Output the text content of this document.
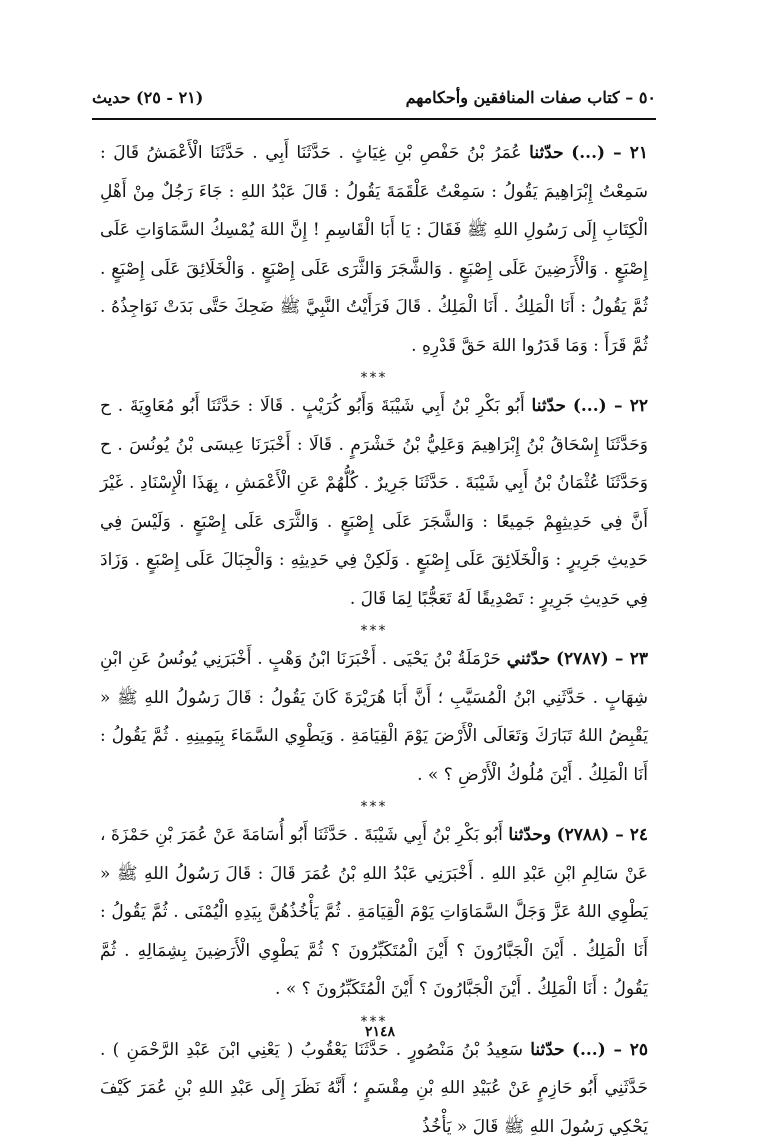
٥٠ – كتاب صفات المنافقين وأحكامهم
(٢١ - ٢٥) حديث

٢١ – (...) حدّثنا عُمَرُ بْنُ حَفْصِ بْنِ غِيَاثٍ . حَدَّثَنَا أَبِي . حَدَّثَنَا الْأَعْمَشُ قَالَ : سَمِعْتُ إِبْرَاهِيمَ يَقُولُ : سَمِعْتُ عَلْقَمَةَ يَقُولُ : قَالَ عَبْدُ اللهِ : جَاءَ رَجُلٌ مِنْ أَهْلِ الْكِتَابِ إِلَى رَسُولِ اللهِ ﷺ فَقَالَ : يَا أَبَا الْقَاسِمِ ! إِنَّ اللهَ يُمْسِكُ السَّمَاوَاتِ عَلَى إِصْبَعٍ . وَالْأَرَضِينَ عَلَى إِصْبَعٍ . وَالشَّجَرَ وَالثَّرَى عَلَى إِصْبَعٍ . وَالْخَلَائِقَ عَلَى إِصْبَعٍ . ثُمَّ يَقُولُ : أَنَا الْمَلِكُ . أَنَا الْمَلِكُ . قَالَ فَرَأَيْتُ النَّبِيَّ ﷺ ضَحِكَ حَتَّى بَدَتْ نَوَاجِذُهُ . ثُمَّ قَرَأَ : وَمَا قَدَرُوا اللهَ حَقَّ قَدْرِهِ .

***

٢٢ – (...) حدّثنا أَبُو بَكْرِ بْنُ أَبِي شَيْبَةَ وَأَبُو كُرَيْبٍ . قَالَا : حَدَّثَنَا أَبُو مُعَاوِيَةَ . ح وَحَدَّثَنَا إِسْحَاقُ بْنُ إِبْرَاهِيمَ وَعَلِيُّ بْنُ خَشْرَمٍ . قَالَا : أَخْبَرَنَا عِيسَى بْنُ يُونُسَ . ح وَحَدَّثَنَا عُثْمَانُ بْنُ أَبِي شَيْبَةَ . حَدَّثَنَا جَرِيرٌ . كُلُّهُمْ عَنِ الْأَعْمَشِ ، بِهَذَا الْإِسْنَادِ . غَيْرَ أَنَّ فِي حَدِيثِهِمْ جَمِيعًا : وَالشَّجَرَ عَلَى إِصْبَعٍ . وَالثَّرَى عَلَى إِصْبَعٍ . وَلَيْسَ فِي حَدِيثِ جَرِيرٍ : وَالْخَلَائِقَ عَلَى إِصْبَعٍ . وَلَكِنْ فِي حَدِيثِهِ : وَالْجِبَالَ عَلَى إِصْبَعٍ . وَزَادَ فِي حَدِيثِ جَرِيرٍ : تَصْدِيقًا لَهُ تَعَجُّبًا لِمَا قَالَ .

***

٢٣ – (٢٧٨٧) حدّثني حَرْمَلَةُ بْنُ يَحْيَى . أَخْبَرَنَا ابْنُ وَهْبٍ . أَخْبَرَنِي يُونُسُ عَنِ ابْنِ شِهَابٍ . حَدَّثَنِي ابْنُ الْمُسَيَّبِ ؛ أَنَّ أَبَا هُرَيْرَةَ كَانَ يَقُولُ : قَالَ رَسُولُ اللهِ ﷺ « يَقْبِضُ اللهُ تَبَارَكَ وَتَعَالَى الْأَرْضَ يَوْمَ الْقِيَامَةِ . وَيَطْوِي السَّمَاءَ بِيَمِينِهِ . ثُمَّ يَقُولُ : أَنَا الْمَلِكُ . أَيْنَ مُلُوكُ الْأَرْضِ ؟ » .

***

٢٤ – (٢٧٨٨) وحدّثنا أَبُو بَكْرِ بْنُ أَبِي شَيْبَةَ . حَدَّثَنَا أَبُو أُسَامَةَ عَنْ عُمَرَ بْنِ حَمْزَةَ ، عَنْ سَالِمِ ابْنِ عَبْدِ اللهِ . أَخْبَرَنِي عَبْدُ اللهِ بْنُ عُمَرَ قَالَ : قَالَ رَسُولُ اللهِ ﷺ « يَطْوِي اللهُ عَزَّ وَجَلَّ السَّمَاوَاتِ يَوْمَ الْقِيَامَةِ . ثُمَّ يَأْخُذُهُنَّ بِيَدِهِ الْيُمْنَى . ثُمَّ يَقُولُ : أَنَا الْمَلِكُ . أَيْنَ الْجَبَّارُونَ ؟ أَيْنَ الْمُتَكَبِّرُونَ ؟ ثُمَّ يَطْوِي الْأَرَضِينَ بِشِمَالِهِ . ثُمَّ يَقُولُ : أَنَا الْمَلِكُ . أَيْنَ الْجَبَّارُونَ ؟ أَيْنَ الْمُتَكَبِّرُونَ ؟ » .

***

٢٥ – (...) حدّثنا سَعِيدُ بْنُ مَنْصُورٍ . حَدَّثَنَا يَعْقُوبُ ( يَعْنِي ابْنَ عَبْدِ الرَّحْمَنِ ) . حَدَّثَنِي أَبُو حَازِمٍ عَنْ عُبَيْدِ اللهِ بْنِ مِقْسَمٍ ؛ أَنَّهُ نَظَرَ إِلَى عَبْدِ اللهِ بْنِ عُمَرَ كَيْفَ يَحْكِي رَسُولَ اللهِ ﷺ قَالَ « يَأْخُذُ

٢١٤٨
